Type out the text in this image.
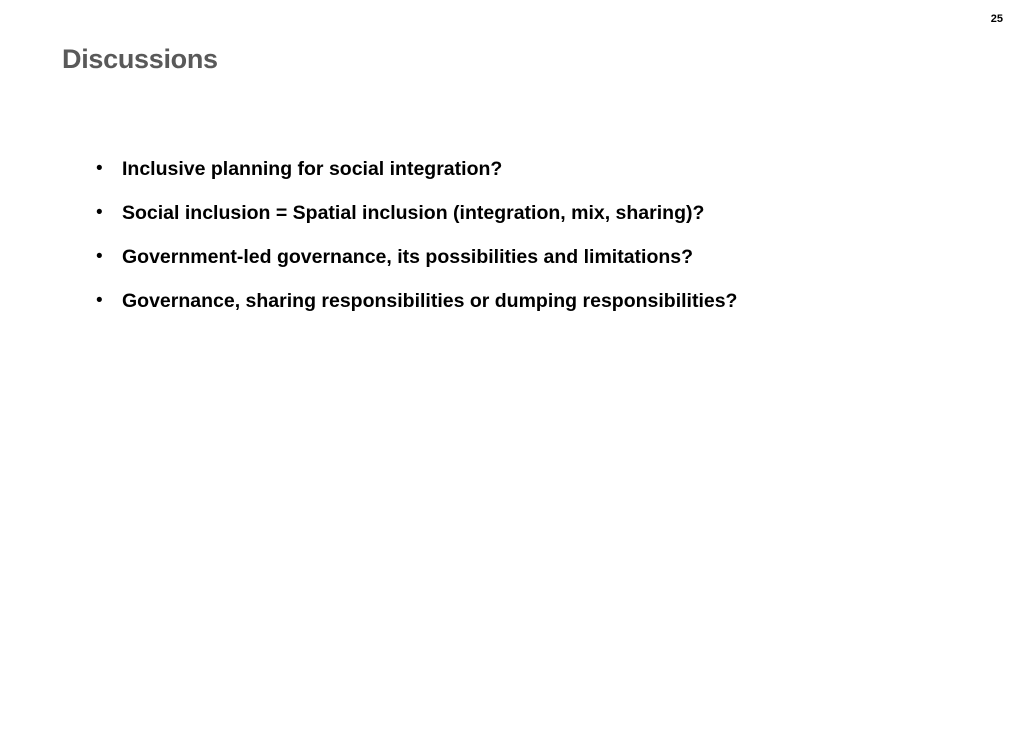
25
Discussions
• Inclusive planning for social integration?
• Social inclusion = Spatial inclusion (integration, mix, sharing)?
• Government-led governance, its possibilities and limitations?
• Governance, sharing responsibilities or dumping responsibilities?
